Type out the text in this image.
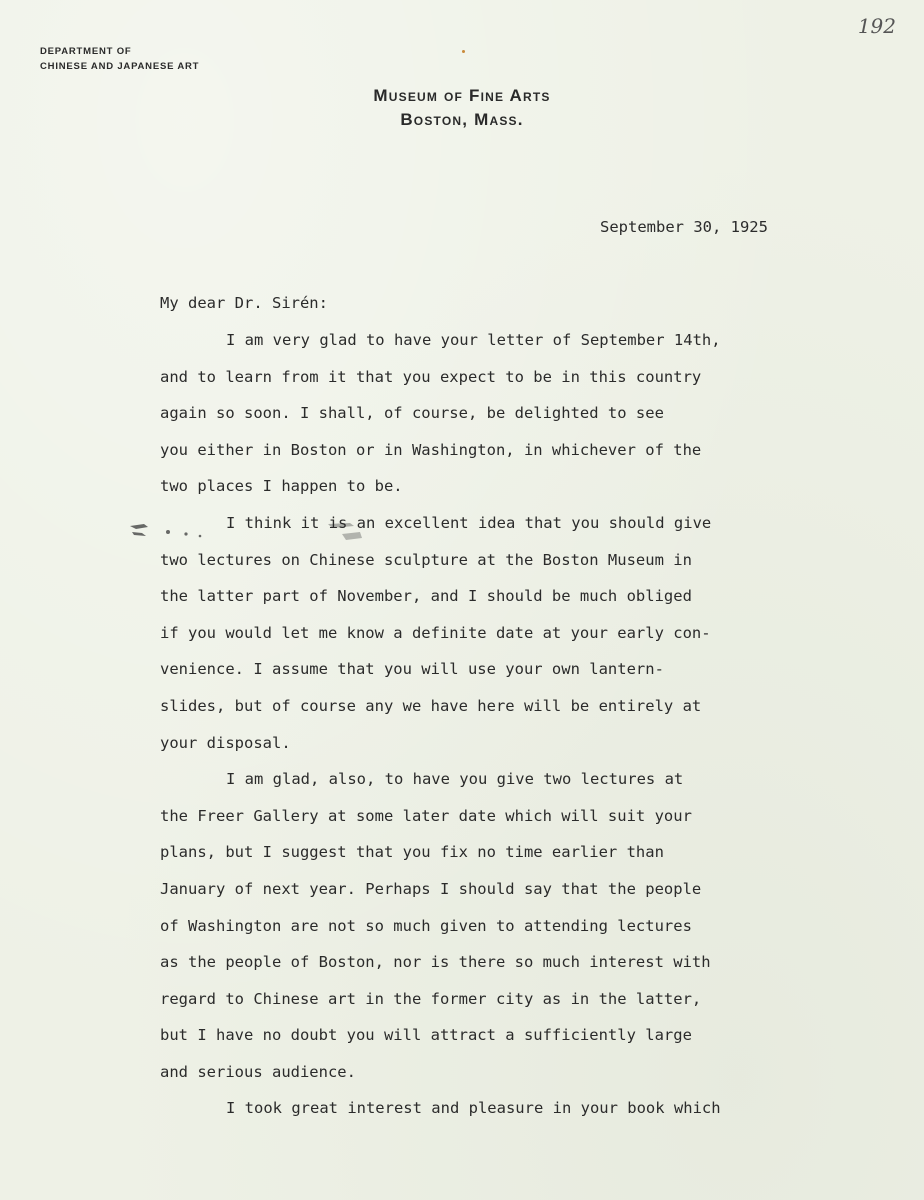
192
DEPARTMENT OF
CHINESE AND JAPANESE ART
Museum of Fine Arts
Boston, Mass.
September 30, 1925
My dear Dr. Sirén:
I am very glad to have your letter of September 14th,
and to learn from it that you expect to be in this country
again so soon. I shall, of course, be delighted to see
you either in Boston or in Washington, in whichever of the
two places I happen to be.
I think it is an excellent idea that you should give
two lectures on Chinese sculpture at the Boston Museum in
the latter part of November, and I should be much obliged
if you would let me know a definite date at your early con-
venience. I assume that you will use your own lantern-
slides, but of course any we have here will be entirely at
your disposal.
I am glad, also, to have you give two lectures at
the Freer Gallery at some later date which will suit your
plans, but I suggest that you fix no time earlier than
January of next year. Perhaps I should say that the people
of Washington are not so much given to attending lectures
as the people of Boston, nor is there so much interest with
regard to Chinese art in the former city as in the latter,
but I have no doubt you will attract a sufficiently large
and serious audience.
I took great interest and pleasure in your book which
